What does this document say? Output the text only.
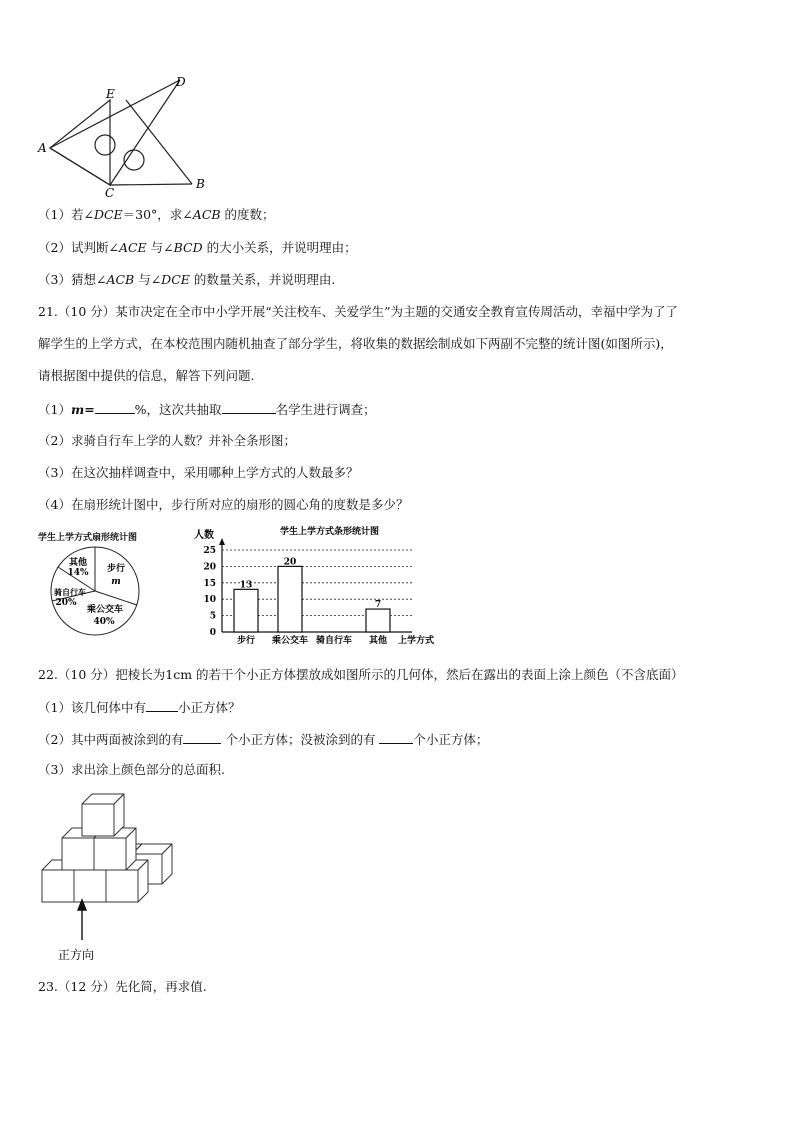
A
B
C
D
E
（1）若∠DCE＝30°，求∠ACB 的度数；
（2）试判断∠ACE 与∠BCD 的大小关系，并说明理由；
（3）猜想∠ACB 与∠DCE 的数量关系，并说明理由.
21.（10 分）某市决定在全市中小学开展“关注校车、关爱学生”为主题的交通安全教育宣传周活动，幸福中学为了了
解学生的上学方式，在本校范围内随机抽查了部分学生，将收集的数据绘制成如下两副不完整的统计图(如图所示)，
请根据图中提供的信息，解答下列问题.
（1）m=	%，这次共抽取	名学生进行调查；
（2）求骑自行车上学的人数？并补全条形图；
（3）在这次抽样调查中，采用哪种上学方式的人数最多？
（4）在扇形统计图中，步行所对应的扇形的圆心角的度数是多少？
学生上学方式扇形统计图
其他
14% 步行
m
骑自行车
20%
乘公交车
40%
学生上学方式条形统计图
人数
上学方式
0
5
10
15
20
25
13
步行
20
乘公交车 骑自行车
7
其他
22.（10 分）把棱长为1cm 的若干个小正方体摆放成如图所示的几何体，然后在露出的表面上涂上颜色（不含底面）
（1）该几何体中有	小正方体？
（2）其中两面被涂到的有	个小正方体；没被涂到的有	个小正方体；
（3）求出涂上颜色部分的总面积.
正方向
23.（12 分）先化简，再求值.
